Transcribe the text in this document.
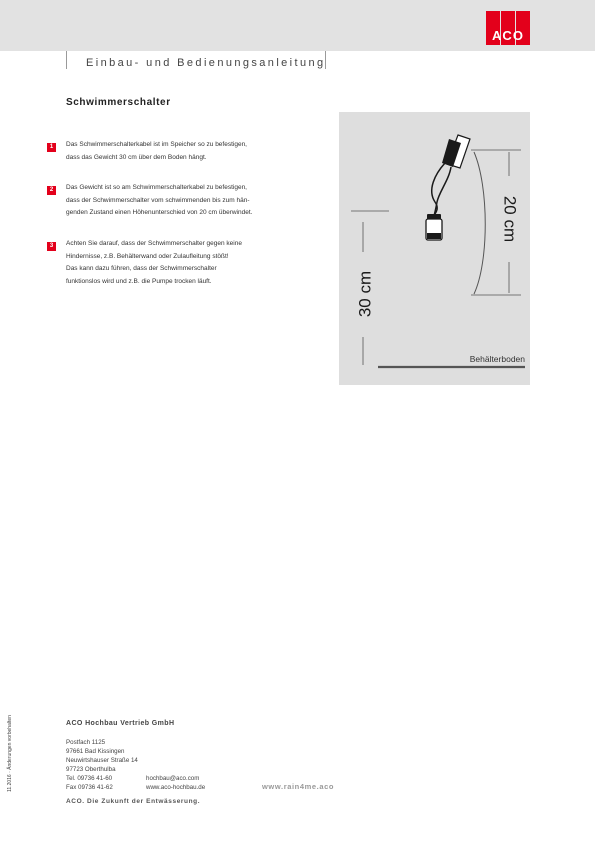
ACO
Einbau- und Bedienungsanleitung
Schwimmerschalter
1	Das Schwimmerschalterkabel ist im Speicher so zu befestigen,
dass das Gewicht 30 cm über dem Boden hängt.
2	Das Gewicht ist so am Schwimmerschalterkabel zu befestigen,
dass der Schwimmerschalter vom schwimmenden bis zum hän-
genden Zustand einen Höhenunterschied von 20 cm überwindet.
3	Achten Sie darauf, dass der Schwimmerschalter gegen keine
Hindernisse, z.B. Behälterwand oder Zulaufleitung stößt!
Das kann dazu führen, dass der Schwimmerschalter
funktionslos wird und z.B. die Pumpe trocken läuft.
20 cm
30 cm
Behälterboden
11.2016 · Änderungen vorbehalten	ACO Hochbau Vertrieb GmbH
Postfach 1125
97661 Bad Kissingen
Neuwirtshauser Straße 14
97723 Oberthulba
Tel. 09736 41-60
Fax 09736 41-62
hochbau@aco.com
www.aco-hochbau.de	www.rain4me.aco
ACO. Die Zukunft der Entwässerung.
